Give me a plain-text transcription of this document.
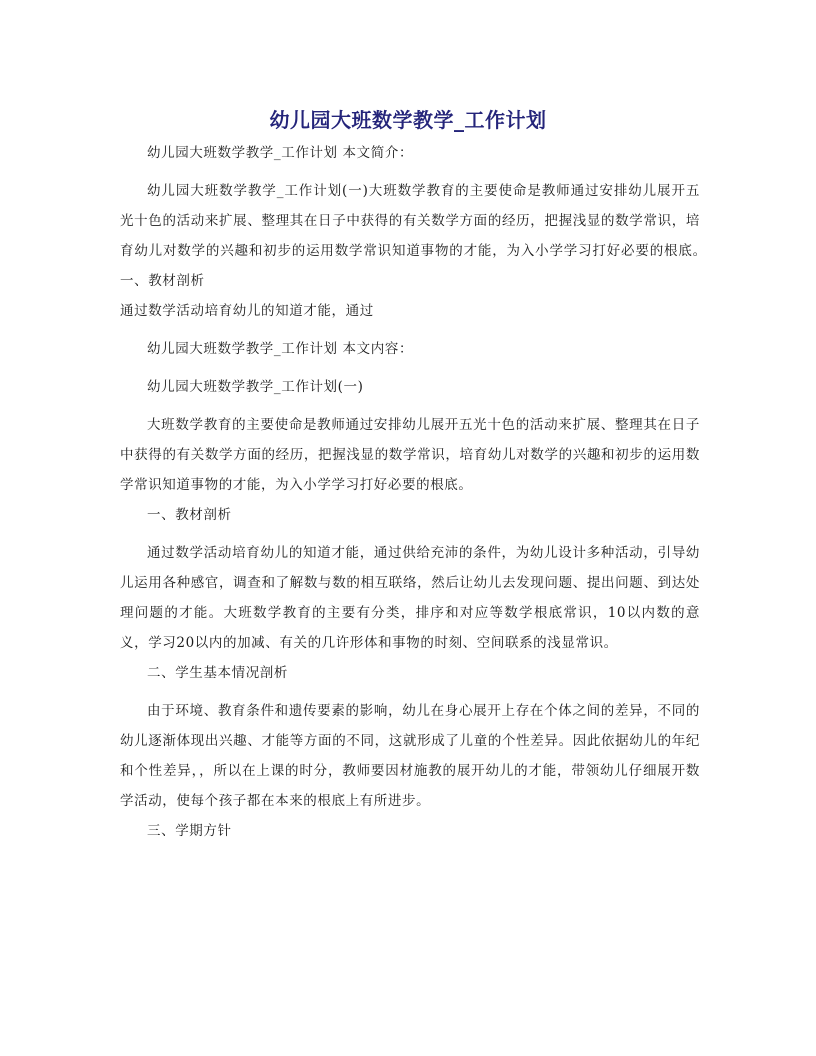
幼儿园大班数学教学_工作计划

幼儿园大班数学教学_工作计划 本文简介：

幼儿园大班数学教学_工作计划(一)大班数学教育的主要使命是教师通过安排幼儿展开五光十色的活动来扩展、整理其在日子中获得的有关数学方面的经历，把握浅显的数学常识，培育幼儿对数学的兴趣和初步的运用数学常识知道事物的才能，为入小学学习打好必要的根底。　　一、教材剖析

通过数学活动培育幼儿的知道才能，通过

幼儿园大班数学教学_工作计划 本文内容：

幼儿园大班数学教学_工作计划(一)

大班数学教育的主要使命是教师通过安排幼儿展开五光十色的活动来扩展、整理其在日子中获得的有关数学方面的经历，把握浅显的数学常识，培育幼儿对数学的兴趣和初步的运用数学常识知道事物的才能，为入小学学习打好必要的根底。

一、教材剖析

通过数学活动培育幼儿的知道才能，通过供给充沛的条件，为幼儿设计多种活动，引导幼儿运用各种感官，调查和了解数与数的相互联络，然后让幼儿去发现问题、提出问题、到达处理问题的才能。大班数学教育的主要有分类，排序和对应等数学根底常识，10以内数的意义，学习20以内的加减、有关的几许形体和事物的时刻、空间联系的浅显常识。

二、学生基本情况剖析

由于环境、教育条件和遗传要素的影响，幼儿在身心展开上存在个体之间的差异，不同的幼儿逐渐体现出兴趣、才能等方面的不同，这就形成了儿童的个性差异。因此依据幼儿的年纪和个性差异，，所以在上课的时分，教师要因材施教的展开幼儿的才能，带领幼儿仔细展开数学活动，使每个孩子都在本来的根底上有所进步。

三、学期方针
